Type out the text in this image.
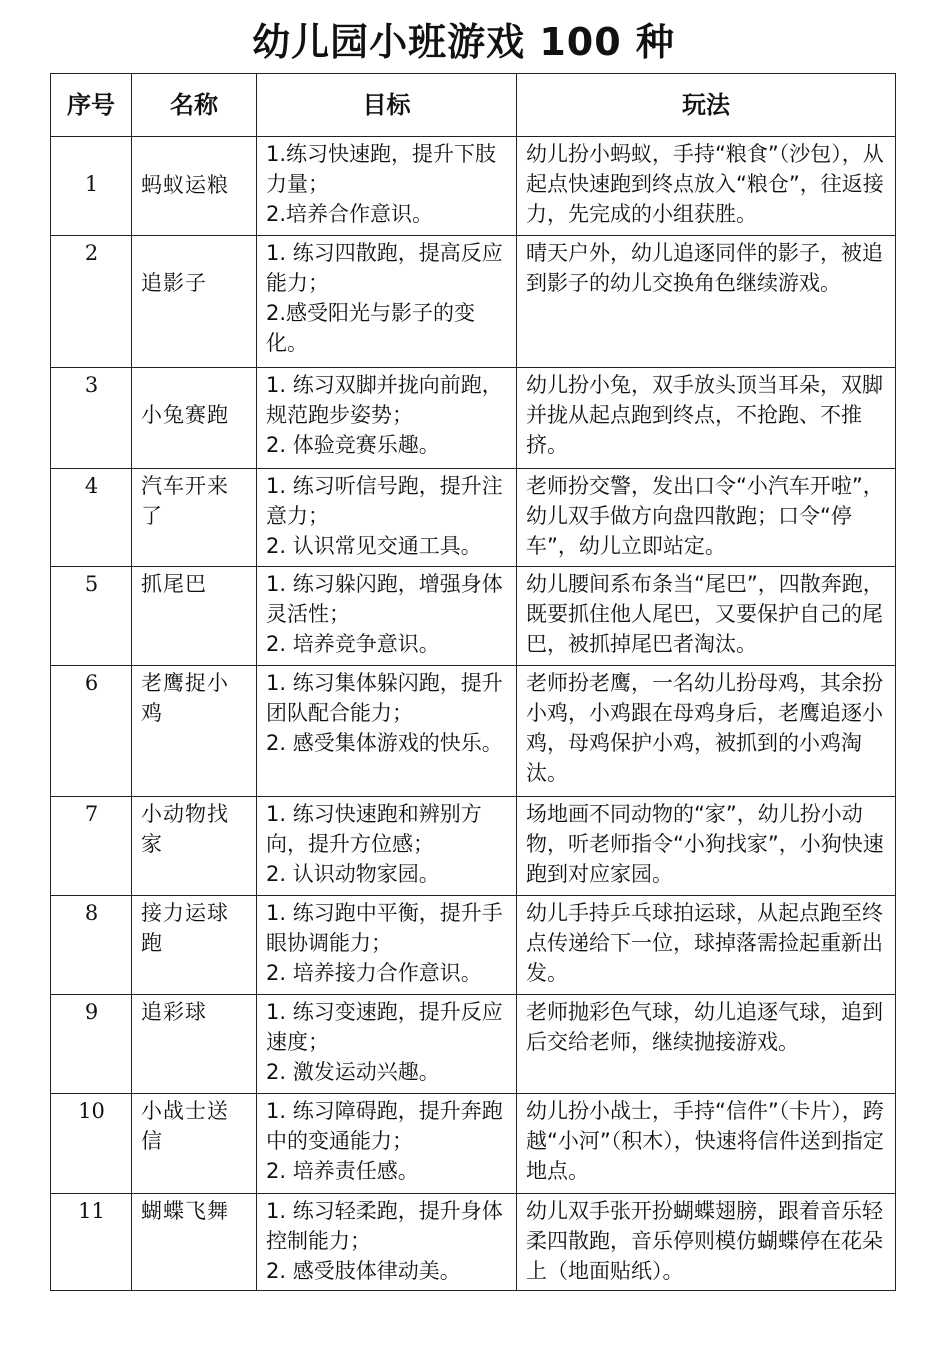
幼儿园小班游戏 100 种
序号	名称	目标	玩法
1	蚂蚁运粮	1.练习快速跑，提升下肢力量；
2.培养合作意识。	幼儿扮小蚂蚁，手持“粮食”（沙包），从起点快速跑到终点放入“粮仓”，往返接力，先完成的小组获胜。
2	追影子	1. 练习四散跑，提高反应能力；
2.感受阳光与影子的变化。	晴天户外，幼儿追逐同伴的影子，被追到影子的幼儿交换角色继续游戏。
3	小兔赛跑	1. 练习双脚并拢向前跑，规范跑步姿势；
2. 体验竞赛乐趣。	幼儿扮小兔，双手放头顶当耳朵，双脚并拢从起点跑到终点，不抢跑、不推挤。
4	汽车开来了	1. 练习听信号跑，提升注意力；
2. 认识常见交通工具。	老师扮交警，发出口令“小汽车开啦”，幼儿双手做方向盘四散跑；口令“停车”，幼儿立即站定。
5	抓尾巴	1. 练习躲闪跑，增强身体灵活性；
2. 培养竞争意识。	幼儿腰间系布条当“尾巴”，四散奔跑，既要抓住他人尾巴，又要保护自己的尾巴，被抓掉尾巴者淘汰。
6	老鹰捉小鸡	1. 练习集体躲闪跑，提升团队配合能力；
2. 感受集体游戏的快乐。	老师扮老鹰，一名幼儿扮母鸡，其余扮小鸡，小鸡跟在母鸡身后，老鹰追逐小鸡，母鸡保护小鸡，被抓到的小鸡淘汰。
7	小动物找家	1. 练习快速跑和辨别方向，提升方位感；
2. 认识动物家园。	场地画不同动物的“家”，幼儿扮小动物，听老师指令“小狗找家”，小狗快速跑到对应家园。
8	接力运球跑	1. 练习跑中平衡，提升手眼协调能力；
2. 培养接力合作意识。	幼儿手持乒乓球拍运球，从起点跑至终点传递给下一位，球掉落需捡起重新出发。
9	追彩球	1. 练习变速跑，提升反应速度；
2. 激发运动兴趣。	老师抛彩色气球，幼儿追逐气球，追到后交给老师，继续抛接游戏。
10	小战士送信	1. 练习障碍跑，提升奔跑中的变通能力；
2. 培养责任感。	幼儿扮小战士，手持“信件”（卡片），跨越“小河”（积木），快速将信件送到指定地点。
11	蝴蝶飞舞	1. 练习轻柔跑，提升身体控制能力；
2. 感受肢体律动美。	幼儿双手张开扮蝴蝶翅膀，跟着音乐轻柔四散跑，音乐停则模仿蝴蝶停在花朵上（地面贴纸）。
